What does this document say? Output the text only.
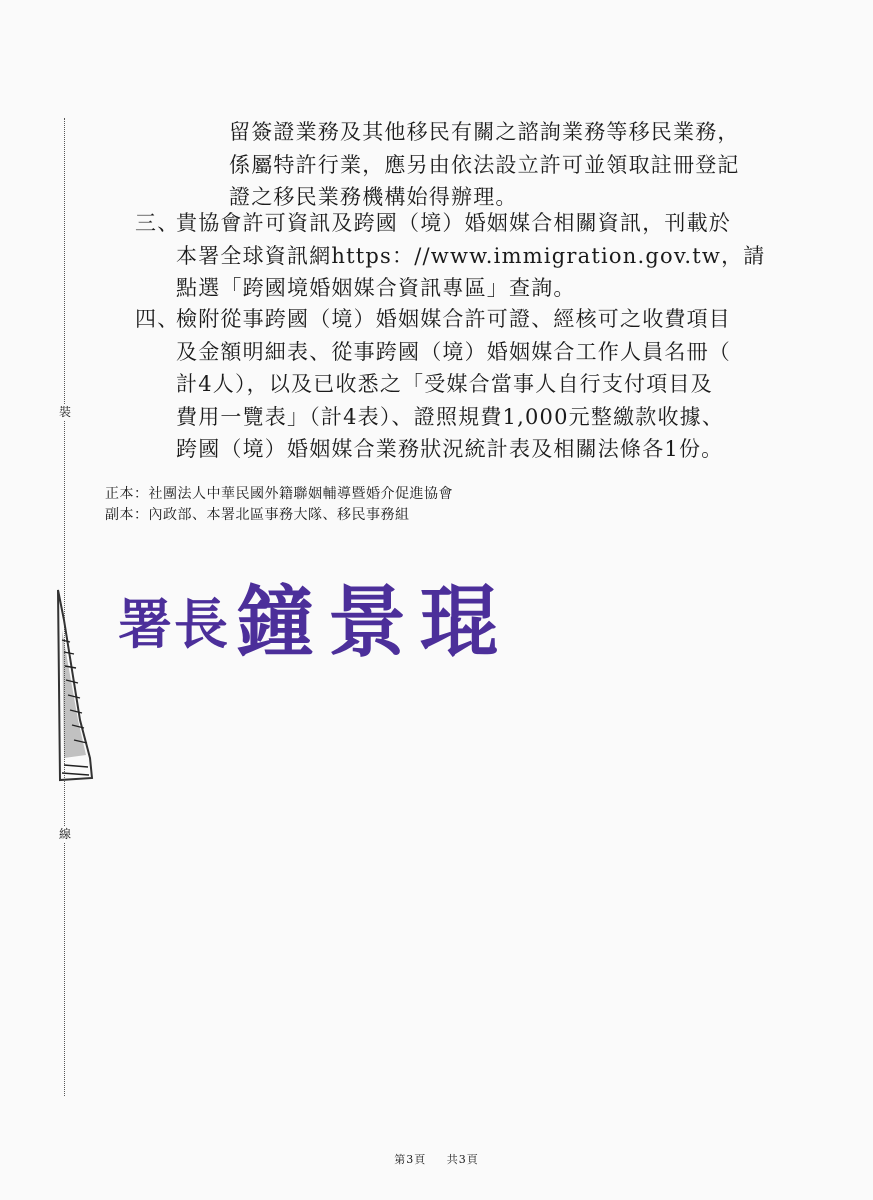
裝
線
留簽證業務及其他移民有關之諮詢業務等移民業務，
係屬特許行業，應另由依法設立許可並領取註冊登記
證之移民業務機構始得辦理。
三、
貴協會許可資訊及跨國（境）婚姻媒合相關資訊，刊載於
本署全球資訊網https：//www.immigration.gov.tw，請
點選「跨國境婚姻媒合資訊專區」查詢。
四、
檢附從事跨國（境）婚姻媒合許可證、經核可之收費項目
及金額明細表、從事跨國（境）婚姻媒合工作人員名冊（
計4人），以及已收悉之「受媒合當事人自行支付項目及
費用一覽表」（計4表）、證照規費1,000元整繳款收據、
跨國（境）婚姻媒合業務狀況統計表及相關法條各1份。
正本：社團法人中華民國外籍聯姻輔導暨婚介促進協會
副本：內政部、本署北區事務大隊、移民事務組
署長 鐘景琨
第3頁 共3頁
